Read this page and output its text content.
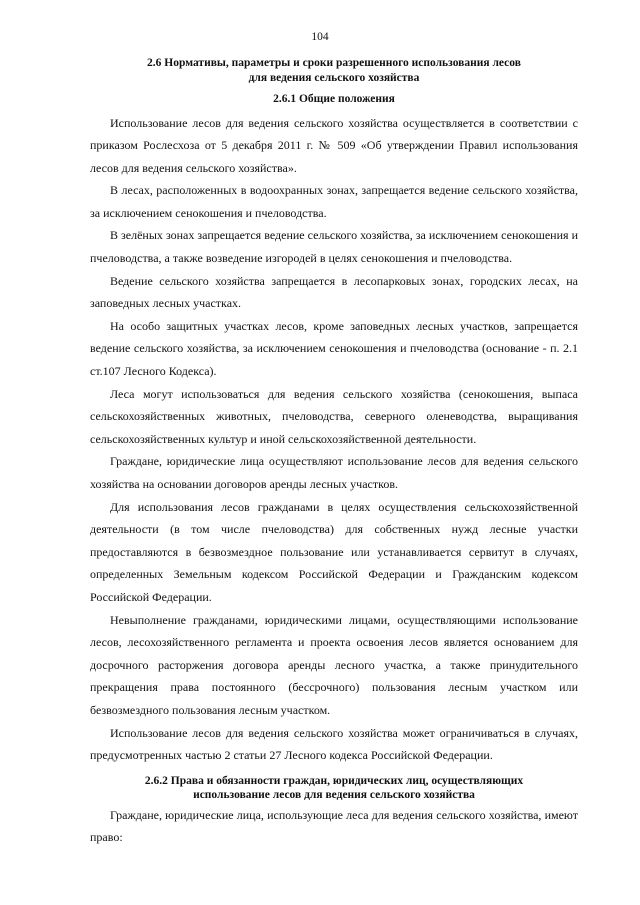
104

2.6 Нормативы, параметры и сроки разрешенного использования лесов
для ведения сельского хозяйства

2.6.1 Общие положения

Использование лесов для ведения сельского хозяйства осуществляется в соответствии с приказом Рослесхоза от 5 декабря 2011 г. № 509 «Об утверждении Правил использования лесов для ведения сельского хозяйства».

В лесах, расположенных в водоохранных зонах, запрещается ведение сельского хозяйства, за исключением сенокошения и пчеловодства.

В зелёных зонах запрещается ведение сельского хозяйства, за исключением сенокошения и пчеловодства, а также возведение изгородей в целях сенокошения и пчеловодства.

Ведение сельского хозяйства запрещается в лесопарковых зонах, городских лесах, на заповедных лесных участках.

На особо защитных участках лесов, кроме заповедных лесных участков, запрещается ведение сельского хозяйства, за исключением сенокошения и пчеловодства (основание - п. 2.1 ст.107 Лесного Кодекса).

Леса могут использоваться для ведения сельского хозяйства (сенокошения, выпаса сельскохозяйственных животных, пчеловодства, северного оленеводства, выращивания сельскохозяйственных культур и иной сельскохозяйственной деятельности.

Граждане, юридические лица осуществляют использование лесов для ведения сельского хозяйства на основании договоров аренды лесных участков.

Для использования лесов гражданами в целях осуществления сельскохозяйственной деятельности (в том числе пчеловодства) для собственных нужд лесные участки предоставляются в безвозмездное пользование или устанавливается сервитут в случаях, определенных Земельным кодексом Российской Федерации и Гражданским кодексом Российской Федерации.

Невыполнение гражданами, юридическими лицами, осуществляющими использование лесов, лесохозяйственного регламента и проекта освоения лесов является основанием для досрочного расторжения договора аренды лесного участка, а также принудительного прекращения права постоянного (бессрочного) пользования лесным участком или безвозмездного пользования лесным участком.

Использование лесов для ведения сельского хозяйства может ограничиваться в случаях, предусмотренных частью 2 статьи 27 Лесного кодекса Российской Федерации.

2.6.2 Права и обязанности граждан, юридических лиц, осуществляющих
использование лесов для ведения сельского хозяйства

Граждане, юридические лица, использующие леса для ведения сельского хозяйства, имеют право:
